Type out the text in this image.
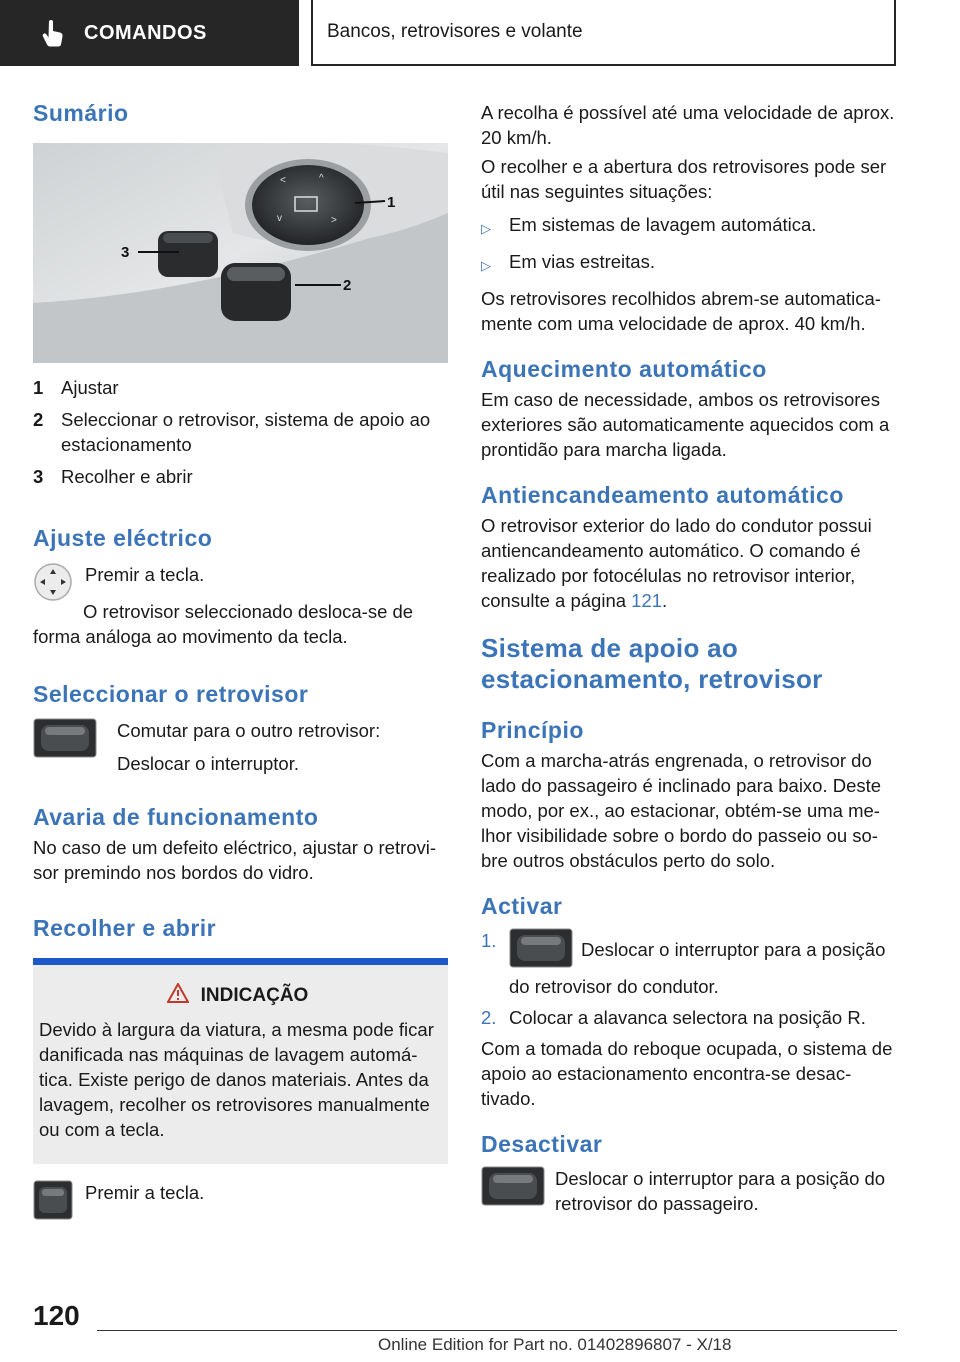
COMANDOS	Bancos, retrovisores e volante
Sumário
<	^
v	>
1
2
3
1 Ajustar
2 Seleccionar o retrovisor, sistema de apoio ao estacionamento
3 Recolher e abrir
Ajuste eléctrico

Premir a tecla.

O retrovisor seleccionado desloca-se de forma análoga ao movimento da tecla.

Seleccionar o retrovisor

Comutar para o outro retrovisor:

Deslocar o interruptor.

Avaria de funcionamento

No caso de um defeito eléctrico, ajustar o retrovi-sor premindo nos bordos do vidro.

Recolher e abrir
INDICAÇÃO

Devido à largura da viatura, a mesma pode ficar danificada nas máquinas de lavagem automá-tica. Existe perigo de danos materiais. Antes da lavagem, recolher os retrovisores manualmente ou com a tecla.

Premir a tecla.

A recolha é possível até uma velocidade de aprox. 20 km/h.

O recolher e a abertura dos retrovisores pode ser útil nas seguintes situações:

▷ Em sistemas de lavagem automática.
▷ Em vias estreitas.

Os retrovisores recolhidos abrem-se automatica-mente com uma velocidade de aprox. 40 km/h.

Aquecimento automático

Em caso de necessidade, ambos os retrovisores exteriores são automaticamente aquecidos com a prontidão para marcha ligada.

Antiencandeamento automático

O retrovisor exterior do lado do condutor possui antiencandeamento automático. O comando é realizado por fotocélulas no retrovisor interior, consulte a página 121.

Sistema de apoio ao estacionamento, retrovisor
Princípio

Com a marcha-atrás engrenada, o retrovisor do lado do passageiro é inclinado para baixo. Deste modo, por ex., ao estacionar, obtém-se uma me-lhor visibilidade sobre o bordo do passeio ou so-bre outros obstáculos perto do solo.

Activar
1.	Deslocar o interruptor para a posição do retrovisor do condutor.
2. Colocar a alavanca selectora na posição R.

Com a tomada do reboque ocupada, o sistema de apoio ao estacionamento encontra-se desac-tivado.

Desactivar

Deslocar o interruptor para a posição do retrovisor do passageiro.

120
Online Edition for Part no. 01402896807 - X/18
